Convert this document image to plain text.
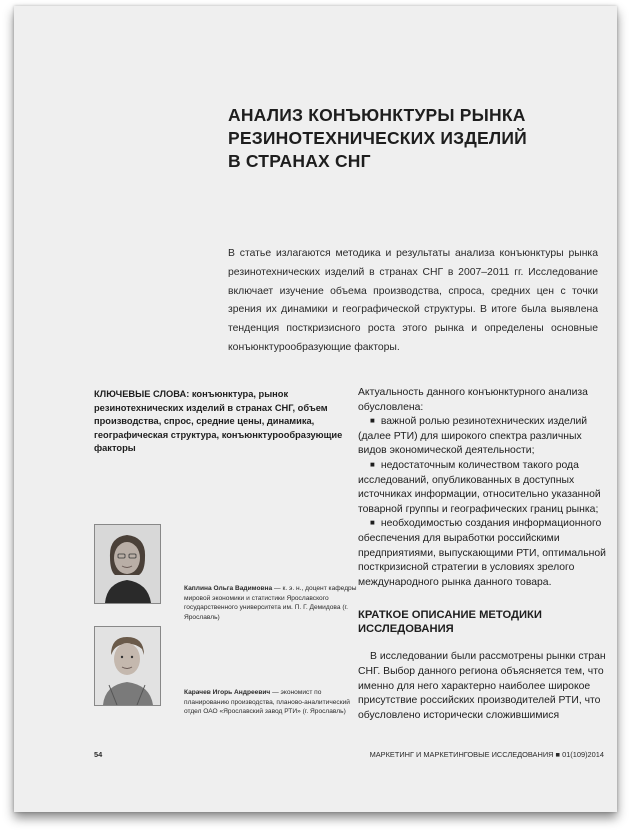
АНАЛИЗ КОНЪЮНКТУРЫ РЫНКА
РЕЗИНОТЕХНИЧЕСКИХ ИЗДЕЛИЙ
В СТРАНАХ СНГ

В статье излагаются методика и результаты анализа конъюнктуры рынка резинотехнических изделий в странах СНГ в 2007–2011 гг. Исследование включает изучение объема производства, спроса, средних цен с точки зрения их динамики и географической структуры. В итоге была выявлена тенденция посткризисного роста этого рынка и определены основные конъюнктурообразующие факторы.

КЛЮЧЕВЫЕ СЛОВА: конъюнктура, рынок резинотехнических изделий в странах СНГ, объем производства, спрос, средние цены, динамика, географическая структура, конъюнктурообразующие факторы

Актуальность данного конъюнктурного анализа обусловлена:

■ важной ролью резинотехнических изделий (далее РТИ) для широкого спектра различных видов экономической деятельности;

■ недостаточным количеством такого рода исследований, опубликованных в доступных источниках информации, относительно указанной товарной группы и географических границ рынка;

■ необходимостью создания информационного обеспечения для выработки российскими предприятиями, выпускающими РТИ, оптимальной посткризисной стратегии в условиях зрелого международного рынка данного товара.

КРАТКОЕ ОПИСАНИЕ МЕТОДИКИ
ИССЛЕДОВАНИЯ

В исследовании были рассмотрены рынки стран СНГ. Выбор данного региона объясняется тем, что именно для него характерно наиболее широкое присутствие российских производителей РТИ, что обусловлено исторически сложившимися

Каплина Ольга Вадимовна — к. э. н., доцент кафедры мировой экономики и статистики Ярославского государственного университета им. П. Г. Демидова (г. Ярославль)

Карачев Игорь Андреевич — экономист по планированию производства, планово-аналитический отдел ОАО «Ярославский завод РТИ» (г. Ярославль)

54	МАРКЕТИНГ И МАРКЕТИНГОВЫЕ ИССЛЕДОВАНИЯ ■ 01(109)2014
